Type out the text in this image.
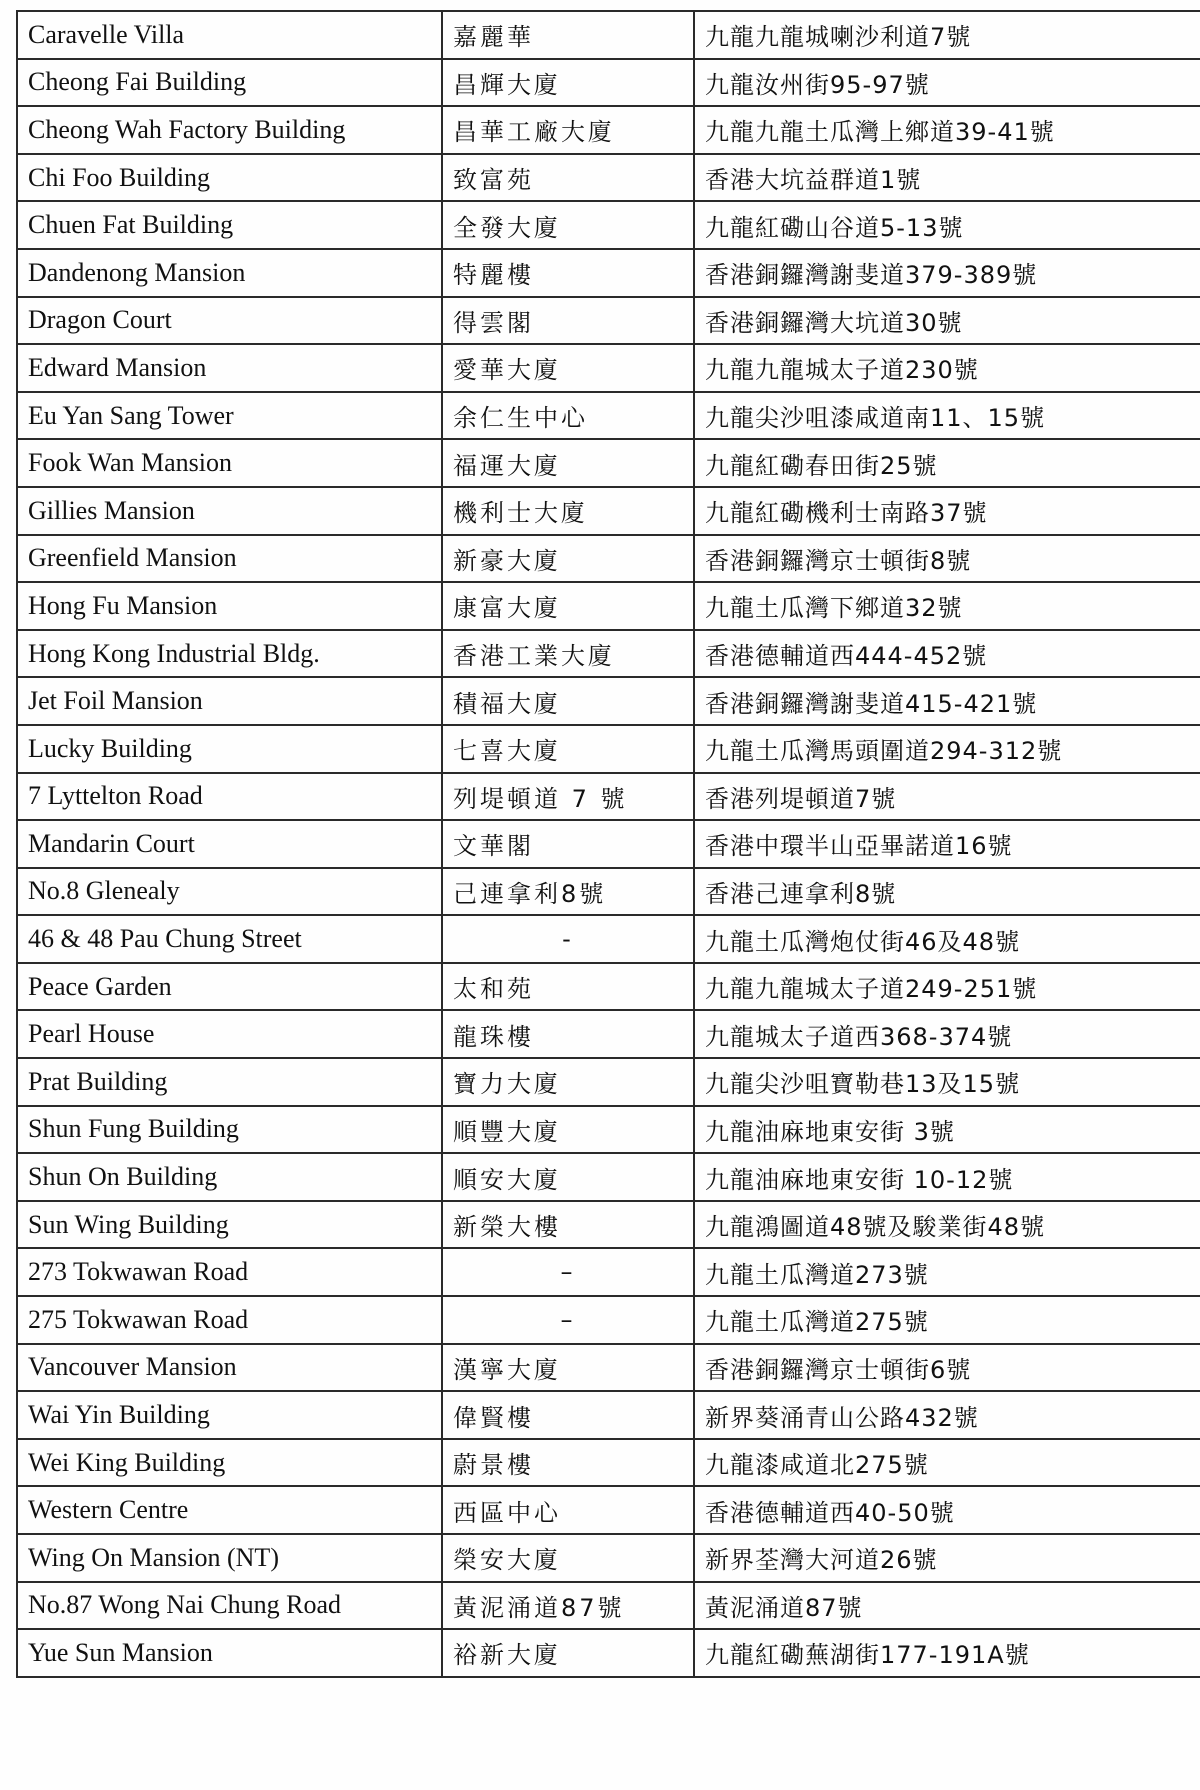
Caravelle Villa	嘉麗華	九龍九龍城喇沙利道7號
Cheong Fai Building	昌輝大廈	九龍汝州街95-97號
Cheong Wah Factory Building	昌華工廠大廈	九龍九龍土瓜灣上鄉道39-41號
Chi Foo Building	致富苑	香港大坑益群道1號
Chuen Fat Building	全發大廈	九龍紅磡山谷道5-13號
Dandenong Mansion	特麗樓	香港銅鑼灣謝斐道379-389號
Dragon Court	得雲閣	香港銅鑼灣大坑道30號
Edward Mansion	愛華大廈	九龍九龍城太子道230號
Eu Yan Sang Tower	余仁生中心	九龍尖沙咀漆咸道南11、15號
Fook Wan Mansion	福運大廈	九龍紅磡春田街25號
Gillies Mansion	機利士大廈	九龍紅磡機利士南路37號
Greenfield Mansion	新豪大廈	香港銅鑼灣京士頓街8號
Hong Fu Mansion	康富大廈	九龍土瓜灣下鄉道32號
Hong Kong Industrial Bldg.	香港工業大廈	香港德輔道西444-452號
Jet Foil Mansion	積福大廈	香港銅鑼灣謝斐道415-421號
Lucky Building	七喜大廈	九龍土瓜灣馬頭圍道294-312號
7 Lyttelton Road	列堤頓道 7 號	香港列堤頓道7號
Mandarin Court	文華閣	香港中環半山亞畢諾道16號
No.8 Glenealy	己連拿利8號	香港己連拿利8號
46 & 48 Pau Chung Street	-	九龍土瓜灣炮仗街46及48號
Peace Garden	太和苑	九龍九龍城太子道249-251號
Pearl House	龍珠樓	九龍城太子道西368-374號
Prat Building	寶力大廈	九龍尖沙咀寶勒巷13及15號
Shun Fung Building	順豐大廈	九龍油麻地東安街 3號
Shun On Building	順安大廈	九龍油麻地東安街 10-12號
Sun Wing Building	新榮大樓	九龍鴻圖道48號及駿業街48號
273 Tokwawan Road	–	九龍土瓜灣道273號
275 Tokwawan Road	–	九龍土瓜灣道275號
Vancouver Mansion	漢寧大廈	香港銅鑼灣京士頓街6號
Wai Yin Building	偉賢樓	新界葵涌青山公路432號
Wei King Building	蔚景樓	九龍漆咸道北275號
Western Centre	西區中心	香港德輔道西40-50號
Wing On Mansion (NT)	榮安大廈	新界荃灣大河道26號
No.87 Wong Nai Chung Road	黃泥涌道87號	黃泥涌道87號
Yue Sun Mansion	裕新大廈	九龍紅磡蕪湖街177-191A號
